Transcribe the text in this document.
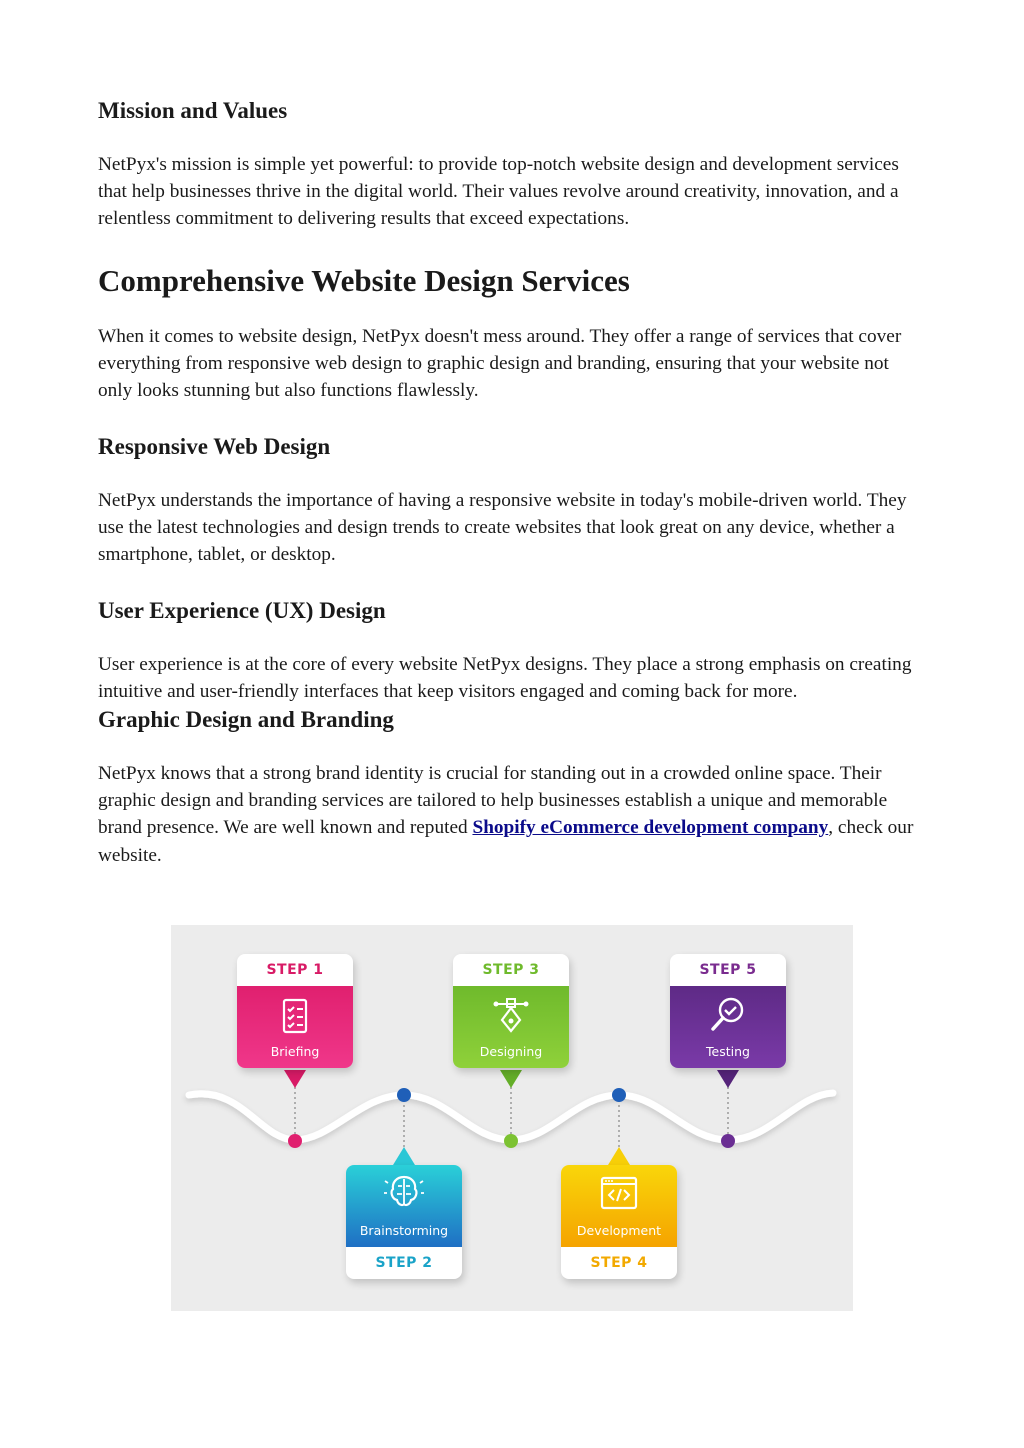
Mission and Values

NetPyx's mission is simple yet powerful: to provide top-notch website design and development services that help businesses thrive in the digital world. Their values revolve around creativity, innovation, and a relentless commitment to delivering results that exceed expectations.

Comprehensive Website Design Services

When it comes to website design, NetPyx doesn't mess around. They offer a range of services that cover everything from responsive web design to graphic design and branding, ensuring that your website not only looks stunning but also functions flawlessly.

Responsive Web Design

NetPyx understands the importance of having a responsive website in today's mobile-driven world. They use the latest technologies and design trends to create websites that look great on any device, whether a smartphone, tablet, or desktop.

User Experience (UX) Design

User experience is at the core of every website NetPyx designs. They place a strong emphasis on creating intuitive and user-friendly interfaces that keep visitors engaged and coming back for more.

Graphic Design and Branding

NetPyx knows that a strong brand identity is crucial for standing out in a crowded online space. Their graphic design and branding services are tailored to help businesses establish a unique and memorable brand presence. We are well known and reputed Shopify eCommerce development company, check our website.

STEP 1
Briefing
STEP 3
Designing
STEP 5
Testing
Brainstorming
STEP 2
Development
STEP 4
